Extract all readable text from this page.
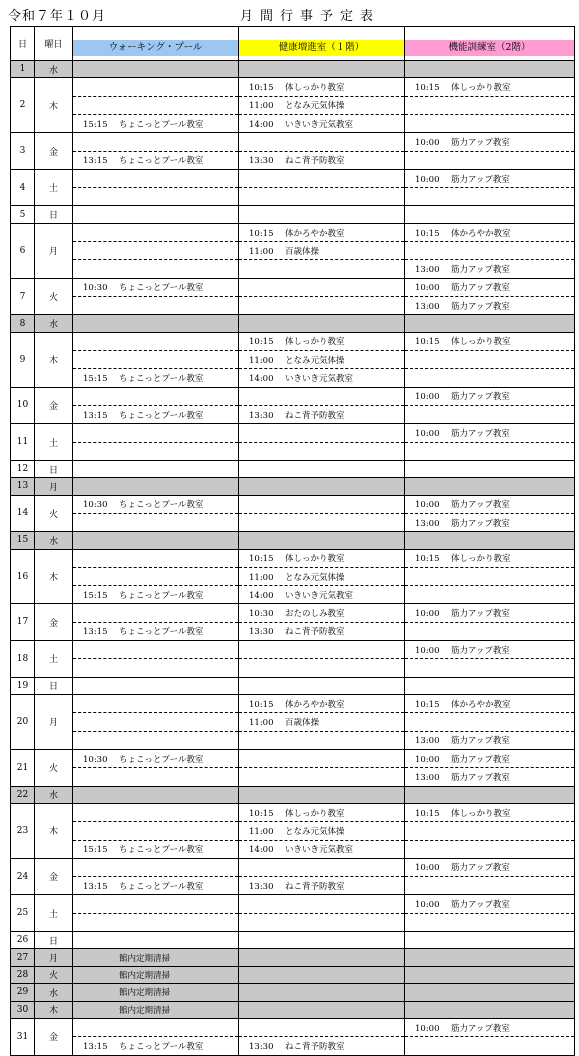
令和７年１０月	月間行事予定表
日	曜日	ウォーキング・プール	健康増進室（１階）	機能訓練室（2階）

1	水			
2	木		10:15 体しっかり教室	10:15 体しっかり教室
			11:00 となみ元気体操	
		15:15 ちょこっとプール教室	14:00 いきいき元気教室	
3	金			10:00 筋力アップ教室
		13:15 ちょこっとプール教室	13:30 ねこ背予防教室	
4	土			10:00 筋力アップ教室

5	日			
6	月		10:15 体かろやか教室	10:15 体かろやか教室
			11:00 百歳体操	
				13:00 筋力アップ教室
7	火	10:30 ちょこっとプール教室		10:00 筋力アップ教室
				13:00 筋力アップ教室
8	水			
9	木		10:15 体しっかり教室	10:15 体しっかり教室
			11:00 となみ元気体操	
		15:15 ちょこっとプール教室	14:00 いきいき元気教室	
10	金			10:00 筋力アップ教室
		13:15 ちょこっとプール教室	13:30 ねこ背予防教室	
11	土			10:00 筋力アップ教室

12	日			
13	月			
14	火	10:30 ちょこっとプール教室		10:00 筋力アップ教室
				13:00 筋力アップ教室
15	水			
16	木		10:15 体しっかり教室	10:15 体しっかり教室
			11:00 となみ元気体操	
		15:15 ちょこっとプール教室	14:00 いきいき元気教室	
17	金		10:30 おたのしみ教室	10:00 筋力アップ教室
		13:15 ちょこっとプール教室	13:30 ねこ背予防教室	
18	土			10:00 筋力アップ教室

19	日			
20	月		10:15 体かろやか教室	10:15 体かろやか教室
			11:00 百歳体操	
				13:00 筋力アップ教室
21	火	10:30 ちょこっとプール教室		10:00 筋力アップ教室
				13:00 筋力アップ教室
22	水			
23	木		10:15 体しっかり教室	10:15 体しっかり教室
			11:00 となみ元気体操	
		15:15 ちょこっとプール教室	14:00 いきいき元気教室	
24	金			10:00 筋力アップ教室
		13:15 ちょこっとプール教室	13:30 ねこ背予防教室	
25	土			10:00 筋力アップ教室

26	日			
27	月	館内定期清掃		
28	火	館内定期清掃		
29	水	館内定期清掃		
30	木	館内定期清掃		
31	金			10:00 筋力アップ教室
		13:15 ちょこっとプール教室	13:30 ねこ背予防教室	
